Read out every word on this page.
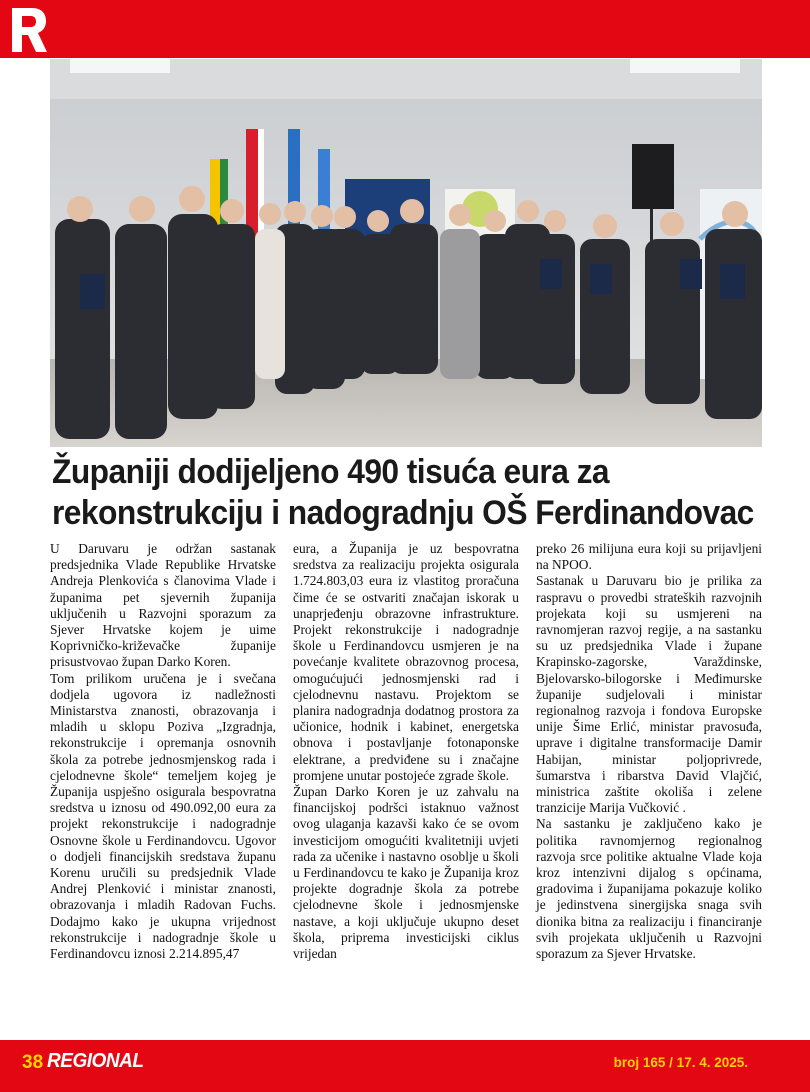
Županiji dodijeljeno 490 tisuća eura za
rekonstrukciju i nadogradnju OŠ Ferdinandovac

U Daruvaru je održan sastanak predsjednika Vlade Republike Hrvatske Andreja Plenkovića s članovima Vlade i županima pet sjevernih županija uključenih u Razvojni sporazum za Sjever Hrvatske kojem je uime Koprivničko-križevačke županije prisustvovao župan Darko Koren.

Tom prilikom uručena je i svečana dodjela ugovora iz nadležnosti Ministarstva znanosti, obrazovanja i mladih u sklopu Poziva „Izgradnja, rekonstrukcije i opremanja osnovnih škola za potrebe jednosmjenskog rada i cjelodnevne škole“ temeljem kojeg je Županija uspješno osigurala bespovratna sredstva u iznosu od 490.092,00 eura za projekt rekonstrukcije i nadogradnje Osnovne škole u Ferdinandovcu. Ugovor o dodjeli financijskih sredstava županu Korenu uručili su predsjednik Vlade Andrej Plenković i ministar znanosti, obrazovanja i mladih Radovan Fuchs. Dodajmo kako je ukupna vrijednost rekonstrukcije i nadogradnje škole u Ferdinandovcu iznosi 2.214.895,47

eura, a Županija je uz bespovratna sredstva za realizaciju projekta osigurala 1.724.803,03 eura iz vlastitog proračuna čime će se ostvariti značajan iskorak u unaprjeđenju obrazovne infrastrukture. Projekt rekonstrukcije i nadogradnje škole u Ferdinandovcu usmjeren je na povećanje kvalitete obrazovnog procesa, omogućujući jednosmjenski rad i cjelodnevnu nastavu. Projektom se planira nadogradnja dodatnog prostora za učionice, hodnik i kabinet, energetska obnova i postavljanje fotonaponske elektrane, a predviđene su i značajne promjene unutar postojeće zgrade škole.

Župan Darko Koren je uz zahvalu na financijskoj podršci istaknuo važnost ovog ulaganja kazavši kako će se ovom investicijom omogućiti kvalitetniji uvjeti rada za učenike i nastavno osoblje u školi u Ferdinandovcu te kako je Županija kroz projekte dogradnje škola za potrebe cjelodnevne škole i jednosmjenske nastave, a koji uključuje ukupno deset škola, priprema investicijski ciklus vrijedan

preko 26 milijuna eura koji su prijavljeni na NPOO.

Sastanak u Daruvaru bio je prilika za raspravu o provedbi strateških razvojnih projekata koji su usmjereni na ravnomjeran razvoj regije, a na sastanku su uz predsjednika Vlade i župane Krapinsko-zagorske, Varaždinske, Bjelovarsko-bilogorske i Međimurske županije sudjelovali i ministar regionalnog razvoja i fondova Europske unije Šime Erlić, ministar pravosuđa, uprave i digitalne transformacije Damir Habijan, ministar poljoprivrede, šumarstva i ribarstva David Vlajčić, ministrica zaštite okoliša i zelene tranzicije Marija Vučković .

Na sastanku je zaključeno kako je politika ravnomjernog regionalnog razvoja srce politike aktualne Vlade koja kroz intenzivni dijalog s općinama, gradovima i županijama pokazuje koliko je jedinstvena sinergijska snaga svih dionika bitna za realizaciju i financiranje svih projekata uključenih u Razvojni sporazum za Sjever Hrvatske.

38 REGIONAL	broj 165 / 17. 4. 2025.
